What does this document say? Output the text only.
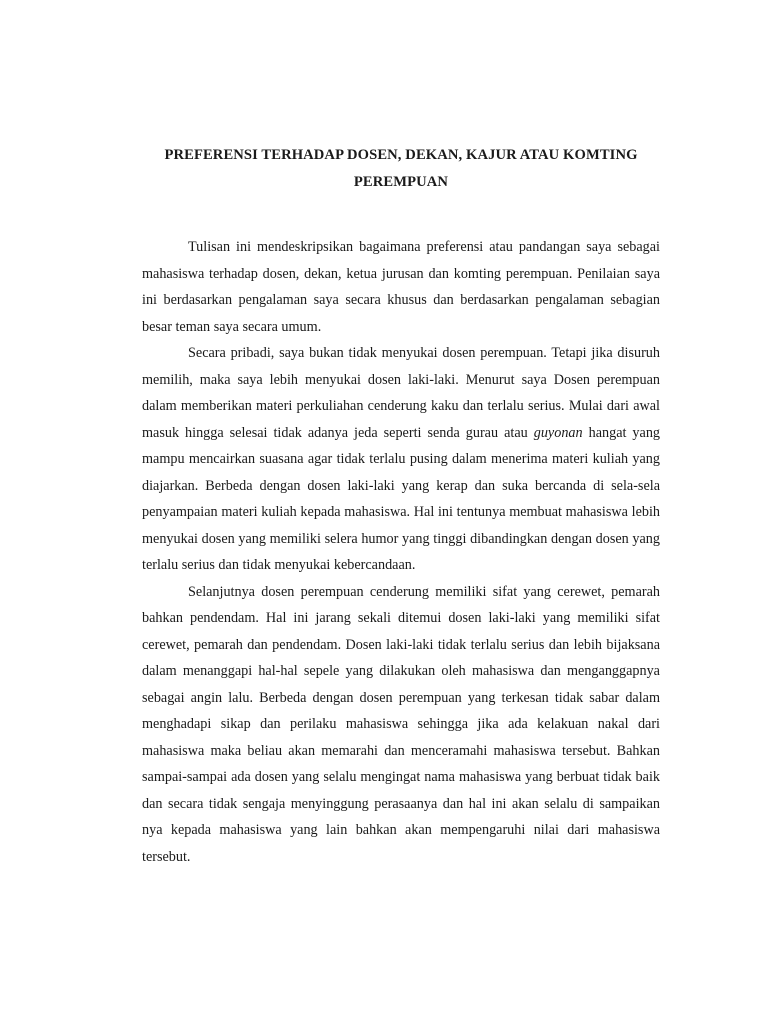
PREFERENSI TERHADAP DOSEN, DEKAN, KAJUR ATAU KOMTING
PEREMPUAN

Tulisan ini mendeskripsikan bagaimana preferensi atau pandangan saya sebagai mahasiswa terhadap dosen, dekan, ketua jurusan dan komting perempuan. Penilaian saya ini berdasarkan pengalaman saya secara khusus dan berdasarkan pengalaman sebagian besar teman saya secara umum.

Secara pribadi, saya bukan tidak menyukai dosen perempuan. Tetapi jika disuruh memilih, maka saya lebih menyukai dosen laki-laki. Menurut saya Dosen perempuan dalam memberikan materi perkuliahan cenderung kaku dan terlalu serius. Mulai dari awal masuk hingga selesai tidak adanya jeda seperti senda gurau atau guyonan hangat yang mampu mencairkan suasana agar tidak terlalu pusing dalam menerima materi kuliah yang diajarkan. Berbeda dengan dosen laki-laki yang kerap dan suka bercanda di sela-sela penyampaian materi kuliah kepada mahasiswa. Hal ini tentunya membuat mahasiswa lebih menyukai dosen yang memiliki selera humor yang tinggi dibandingkan dengan dosen yang terlalu serius dan tidak menyukai kebercandaan.

Selanjutnya dosen perempuan cenderung memiliki sifat yang cerewet, pemarah bahkan pendendam. Hal ini jarang sekali ditemui dosen laki-laki yang memiliki sifat cerewet, pemarah dan pendendam. Dosen laki-laki tidak terlalu serius dan lebih bijaksana dalam menanggapi hal-hal sepele yang dilakukan oleh mahasiswa dan menganggapnya sebagai angin lalu. Berbeda dengan dosen perempuan yang terkesan tidak sabar dalam menghadapi sikap dan perilaku mahasiswa sehingga jika ada kelakuan nakal dari mahasiswa maka beliau akan memarahi dan menceramahi mahasiswa tersebut. Bahkan sampai-sampai ada dosen yang selalu mengingat nama mahasiswa yang berbuat tidak baik dan secara tidak sengaja menyinggung perasaanya dan hal ini akan selalu di sampaikan nya kepada mahasiswa yang lain bahkan akan mempengaruhi nilai dari mahasiswa tersebut.
